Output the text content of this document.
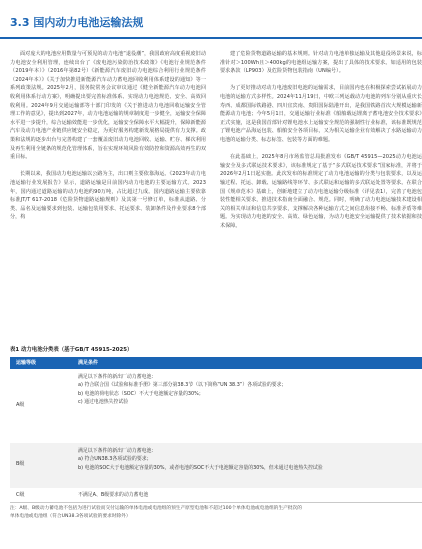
3.3 国内动力电池运输法规

面对庞大的电池应用数量与可预见的动力电池“退役潮”，我国政府高度重视废旧动力电池安全利用管理，连续出台了《废电池污染防治技术政策》《电池行业规范条件（2019年本）》（2016年第82号）《新能源汽车废旧动力电池综合利用行业规范条件（2024年本）》《关于加快推进新能源汽车动力蓄电池回收利用体系建设的通知》等一系列政策法规。2025年2月，国务院常务会议审议通过《健全新能源汽车动力电池回收利用体系行动方案》，明确提出要完善标准体系、实现动力电池规范、安全、高效回收利用。2024年9月交通运输部等十部门印发的《关于推进动力电池回收运输安全管理工作的意见》，提出到2027年，动力电池运输的规章制度进一步健全，运输安全保障水平进一步提升，综合运输效能进一步优化，运输安全保障水平大幅提升，保障新能源汽车及动力电池产业链供应链安全稳定，为更好服务构建新发展格局提供有力支撑。政策和法规的逐步出台与完善构建了一套覆盖废旧动力电池回收、运输、贮存、梯次利用及再生利用全链条的规范化管理体系，旨在实现环境风险有效防控和资源高效再生的双重目标。

长期以来，我国动力电池运输以公路为主，出口则主要依靠海运。《2023年动力电池运输行业发展报告》显示，道路运输是目前国内动力电池的主要运输方式。2023年，国内通过道路运输的动力电池约90万吨，占比超过九成。国内道路运输主要依靠标准JT/T 617-2018《危险货物道路运输规则》及其第一号修订单，标准从道路、分类、品名及运输要求到包装、运输包装用要求、托运要求、装卸条件及作业要求8个部分，构

建了危险货物道路运输的基本规则。针对动力电池单独运输及其他退役场景来说，标准针对＞100Wh且＞400kg的电池组运输方案，提出了具体的技术要求。如适用的包装要求条款（LP903）及危险货物包装指南（UN编号）。

为了更好推动对动力电池废旧电池的运输需求，目前国内也在积极探索尝试拓展动力电池的运输方式多样性。2024年11月19日，中欧三列运载动力电池的列车分别从重庆长寿西、成都国际铁路港、四川宜宾南、贵阳国际陆港开出，是我国铁路首次大规模运输新能源动力电池；今年5月1日，交通运输行业标准《船舶载运锂离子蓄电池安全技术要求》正式实施，这是我国首部针对锂电池水上运输安全规范的强制性行业标准，该标准既规范了锂电池产品海运包装、船舶安全各项目标，又为相关运输企业有效解决了水路运输动力电池的运输分类、标志标签、包装等方面的难题。

在此基础上，2025年8月市场监管总局批准发布《GB/T 45915—2025动力电池运输安全及多式联运技术要求》，该标准规定了基于“多式联运技术要求”国家标准，并将于2026年2月1日起实施。此次发布的标准规定了动力电池运输的分类与包装要求，以及运输过程、托运、卸载、运输路线等环节、多式联运和运输的多式联运处置等要求。在联合国《规章范本》基础上，创新地建立了动力电池运输分级标准（详见表1），完善了电池包装性能相关要求，推进技术指南全面融合、规范。同时，明确了动力电池运输技术建设相关的相关单证和信息共享要求，支撑解决各种运输方式之间信息衔接不畅、标准矛盾等难题。为实现动力电池的安全、高效、绿色运输，为动力电池安全运输提供了技术依据和技术保障。

表1 动力电池分类表（基于GB/T 45915-2025）
运输等级	满足条件
A级
满足以下条件的新出厂动力蓄电池：
a) 符合联合国《试验和标准手册》第三部分第38.3节（以下简称“UN 38.3”）各项试验的要求；
b) 电池的荷电状态（SOC）不大于电池额定容量的30%；
c) 通过电池热失控试验
B级
满足以下条件的新出厂动力蓄电池：
a) 符合UN38.3各项试验的要求；
b) 电池的SOC大于电池额定容量的30%，或者电池的SOC不大于电池额定容量的30%，但未通过电池热失控试验
C级	不满足A、B级要求的动力蓄电池
注：A级、B级动力蓄电池不包括为进行试验而交付运输的单体电池或电池组的预生产原型电池和不超过100个单体电池或电池组的生产批次的
单体电池或电池组（符合UN38.3各项试验的要求时除外）
